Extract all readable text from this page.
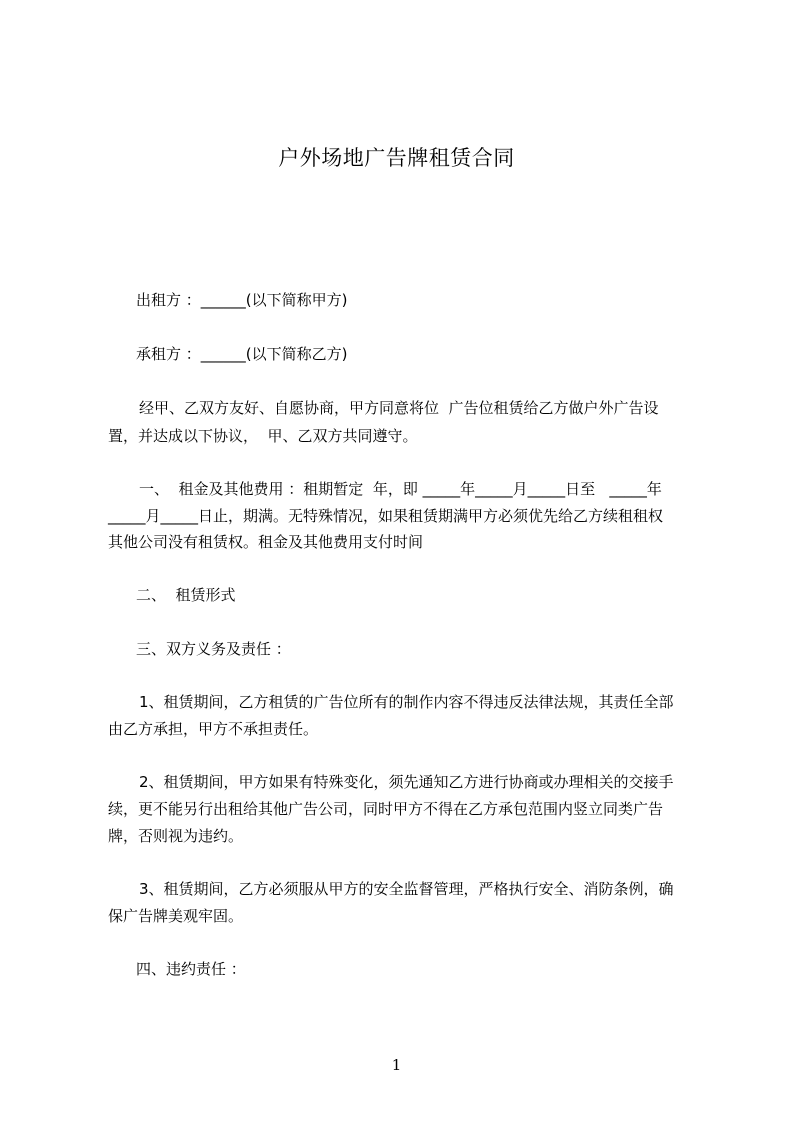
户外场地广告牌租赁合同
出租方 ：______(以下简称甲方)
承租方 ：______(以下简称乙方)
经甲、乙双方友好、自愿协商，甲方同意将位  广告位租赁给乙方做户外广告设
置，并达成以下协议，  甲、乙双方共同遵守。
一、  租金及其他费用 ：租期暂定  年，即 _____年_____月_____日至   _____年
_____月_____日止，期满。无特殊情况，如果租赁期满甲方必须优先给乙方续租租权
其他公司没有租赁权。租金及其他费用支付时间
二、  租赁形式
三、双方义务及责任 ：
1、租赁期间，乙方租赁的广告位所有的制作内容不得违反法律法规，其责任全部
由乙方承担，甲方不承担责任。
2、租赁期间，甲方如果有特殊变化，须先通知乙方进行协商或办理相关的交接手
续，更不能另行出租给其他广告公司，同时甲方不得在乙方承包范围内竖立同类广告
牌，否则视为违约。
3、租赁期间，乙方必须服从甲方的安全监督管理，严格执行安全、消防条例，确
保广告牌美观牢固。
四、违约责任 ：
1
